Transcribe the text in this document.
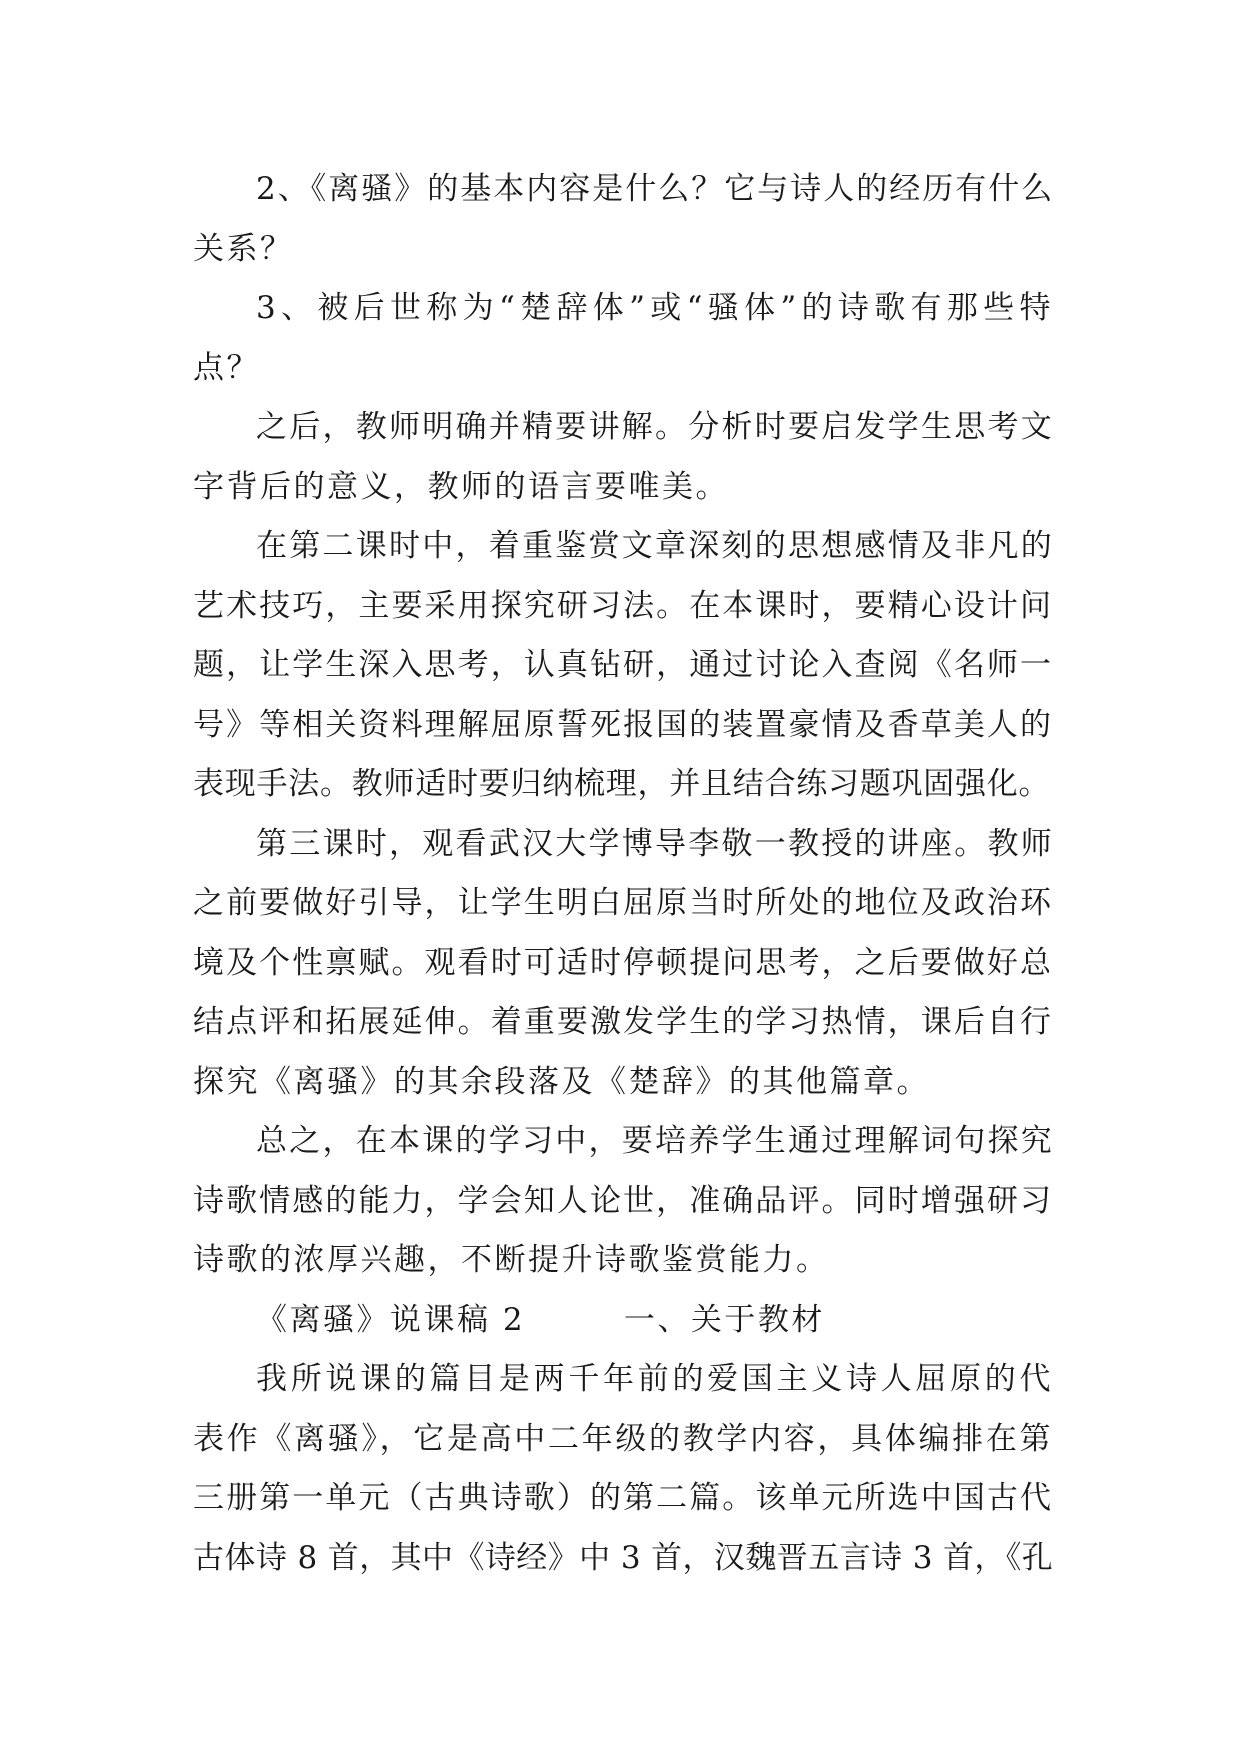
2、《离骚》的基本内容是什么？它与诗人的经历有什么
关系？
3、被后世称为“楚辞体”或“骚体”的诗歌有那些特
点？
之后，教师明确并精要讲解。分析时要启发学生思考文
字背后的意义，教师的语言要唯美。
在第二课时中，着重鉴赏文章深刻的思想感情及非凡的
艺术技巧，主要采用探究研习法。在本课时，要精心设计问
题，让学生深入思考，认真钻研，通过讨论入查阅《名师一
号》等相关资料理解屈原誓死报国的装置豪情及香草美人的
表现手法。教师适时要归纳梳理，并且结合练习题巩固强化。
第三课时，观看武汉大学博导李敬一教授的讲座。教师
之前要做好引导，让学生明白屈原当时所处的地位及政治环
境及个性禀赋。观看时可适时停顿提问思考，之后要做好总
结点评和拓展延伸。着重要激发学生的学习热情，课后自行
探究《离骚》的其余段落及《楚辞》的其他篇章。
总之，在本课的学习中，要培养学生通过理解词句探究
诗歌情感的能力，学会知人论世，准确品评。同时增强研习
诗歌的浓厚兴趣，不断提升诗歌鉴赏能力。
《离骚》说课稿 2        一、关于教材
我所说课的篇目是两千年前的爱国主义诗人屈原的代
表作《离骚》，它是高中二年级的教学内容，具体编排在第
三册第一单元（古典诗歌）的第二篇。该单元所选中国古代
古体诗 8 首，其中《诗经》中 3 首，汉魏晋五言诗 3 首，《孔
